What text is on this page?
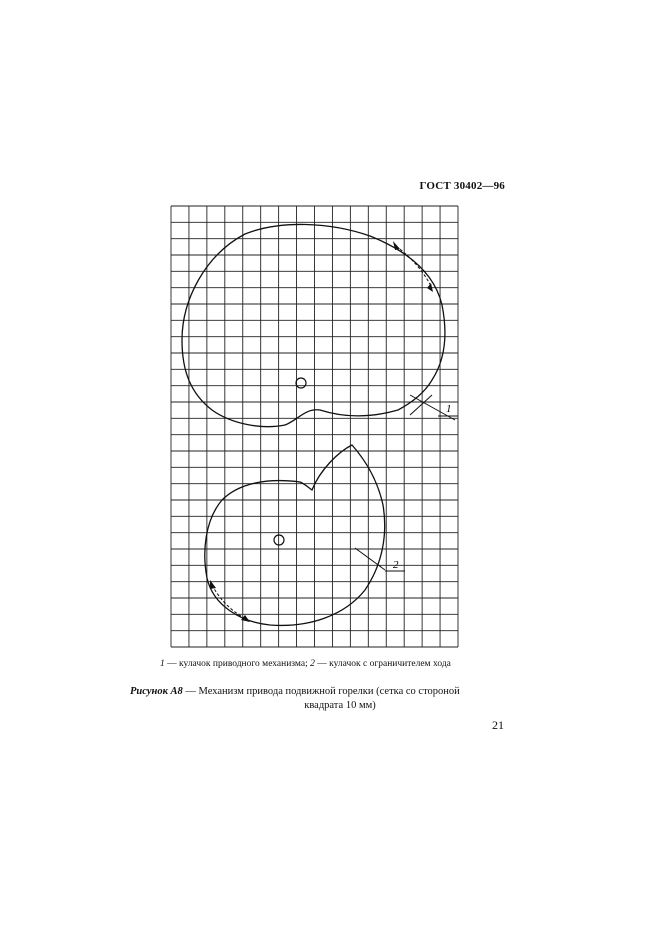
ГОСТ 30402—96
1
2
1 — кулачок приводного механизма; 2 — кулачок с ограничителем хода
Рисунок А8 — Механизм привода подвижной горелки (сетка со стороной
квадрата 10 мм)
21
